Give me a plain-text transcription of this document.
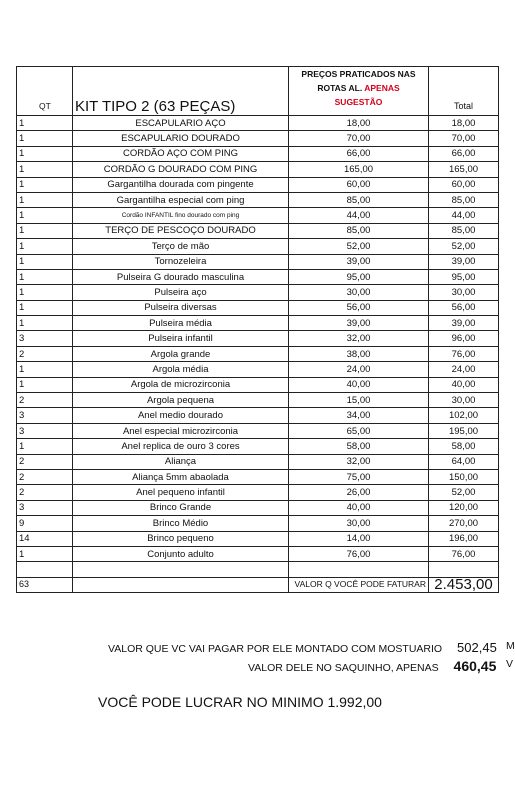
QT	KIT TIPO 2 (63 PEÇAS)	PREÇOS PRATICADOS NAS ROTAS AL. APENAS
SUGESTÃO	Total
1	ESCAPULARIO AÇO	18,00	18,00
1	ESCAPULARIO DOURADO	70,00	70,00
1	CORDÃO AÇO COM PING	66,00	66,00
1	CORDÃO G DOURADO COM PING	165,00	165,00
1	Gargantilha dourada com pingente	60,00	60,00
1	Gargantilha especial com ping	85,00	85,00
1	Cordão INFANTIL fino dourado com ping	44,00	44,00
1	TERÇO DE PESCOÇO DOURADO	85,00	85,00
1	Terço de mão	52,00	52,00
1	Tornozeleira	39,00	39,00
1	Pulseira G dourado masculina	95,00	95,00
1	Pulseira aço	30,00	30,00
1	Pulseira diversas	56,00	56,00
1	Pulseira média	39,00	39,00
3	Pulseira infantil	32,00	96,00
2	Argola grande	38,00	76,00
1	Argola média	24,00	24,00
1	Argola de microzirconia	40,00	40,00
2	Argola pequena	15,00	30,00
3	Anel medio dourado	34,00	102,00
3	Anel especial microzirconia	65,00	195,00
1	Anel replica de ouro 3 cores	58,00	58,00
2	Aliança	32,00	64,00
2	Aliança 5mm abaolada	75,00	150,00
2	Anel pequeno infantil	26,00	52,00
3	Brinco Grande	40,00	120,00
9	Brinco Médio	30,00	270,00
14	Brinco pequeno	14,00	196,00
1	Conjunto adulto	76,00	76,00

63		VALOR Q VOCÊ PODE FATURAR	2.453,00
VALOR QUE VC VAI PAGAR POR ELE MONTADO COM MOSTUARIO 502,45 M
VALOR DELE NO SAQUINHO, APENAS 460,45 V
VOCÊ PODE LUCRAR NO MINIMO 1.992,00
